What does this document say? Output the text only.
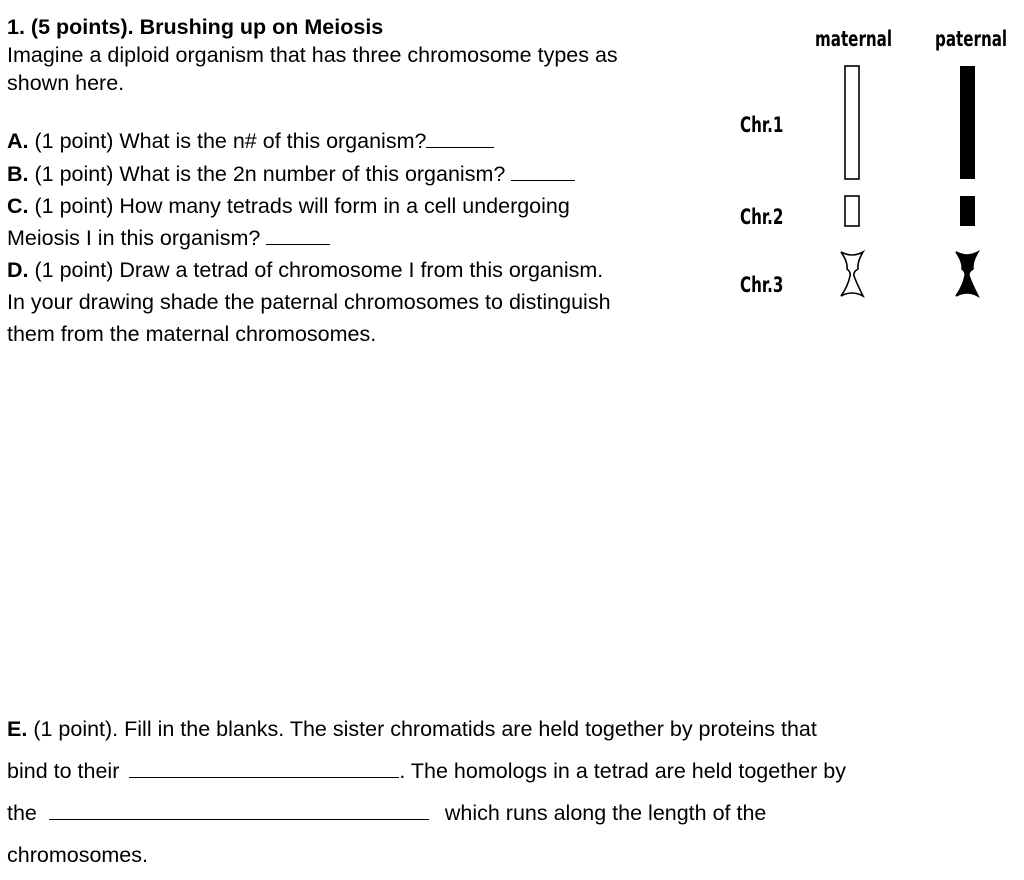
1. (5 points). Brushing up on Meiosis
Imagine a diploid organism that has three chromosome types as
shown here.
A. (1 point) What is the n# of this organism?
B. (1 point) What is the 2n number of this organism?
C. (1 point) How many tetrads will form in a cell undergoing
Meiosis I in this organism?
D. (1 point) Draw a tetrad of chromosome I from this organism.
In your drawing shade the paternal chromosomes to distinguish
them from the maternal chromosomes.
maternal paternal
Chr.1
Chr.2
Chr.3
E. (1 point). Fill in the blanks. The sister chromatids are held together by proteins that
bind to their	. The homologs in a tetrad are held together by
the	which runs along the length of the
chromosomes.
